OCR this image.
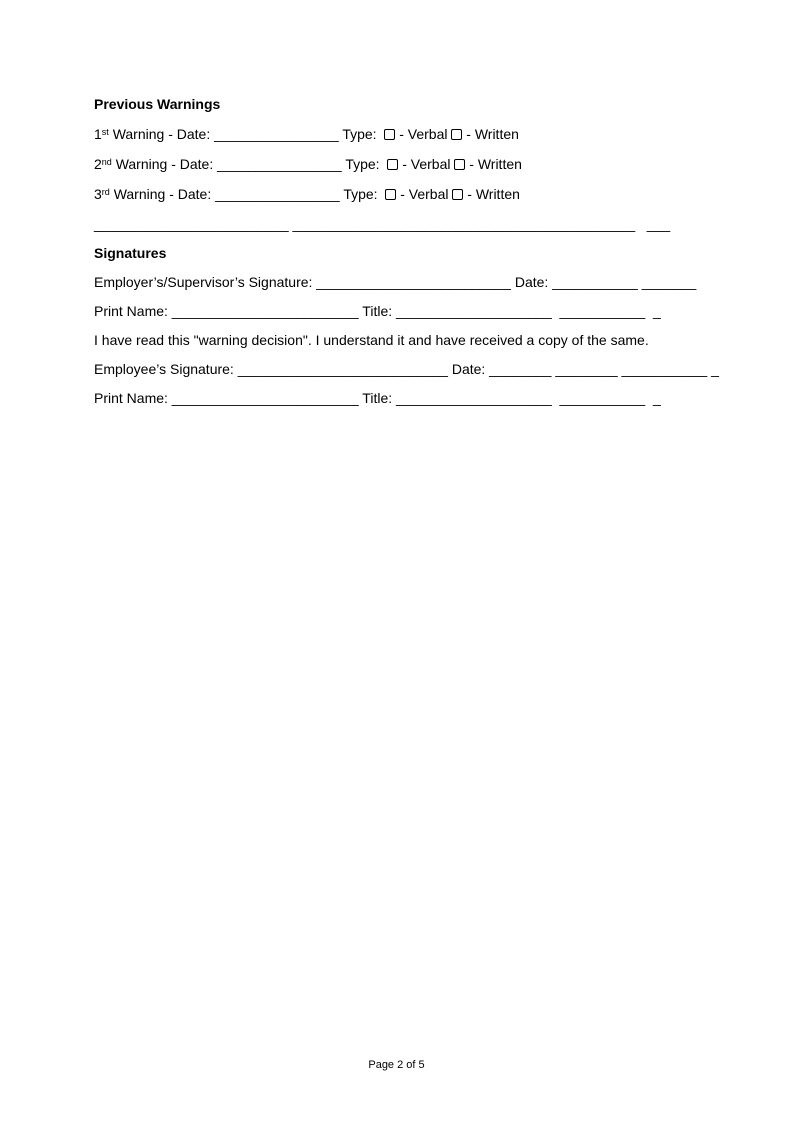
Previous Warnings

1st Warning - Date: ________________ Type:   - Verbal  - Written

2nd Warning - Date: ________________ Type:   - Verbal  - Written

3rd Warning - Date: ________________ Type:   - Verbal  - Written

_________________________ ____________________________________________   ___

Signatures

Employer’s/Supervisor’s Signature: _________________________ Date: ___________ _______

Print Name: ________________________ Title: ____________________  ___________  _

I have read this "warning decision". I understand it and have received a copy of the same.

Employee’s Signature: ___________________________ Date: ________ ________ ___________ _

Print Name: ________________________ Title: ____________________  ___________  _

Page 2 of 5
